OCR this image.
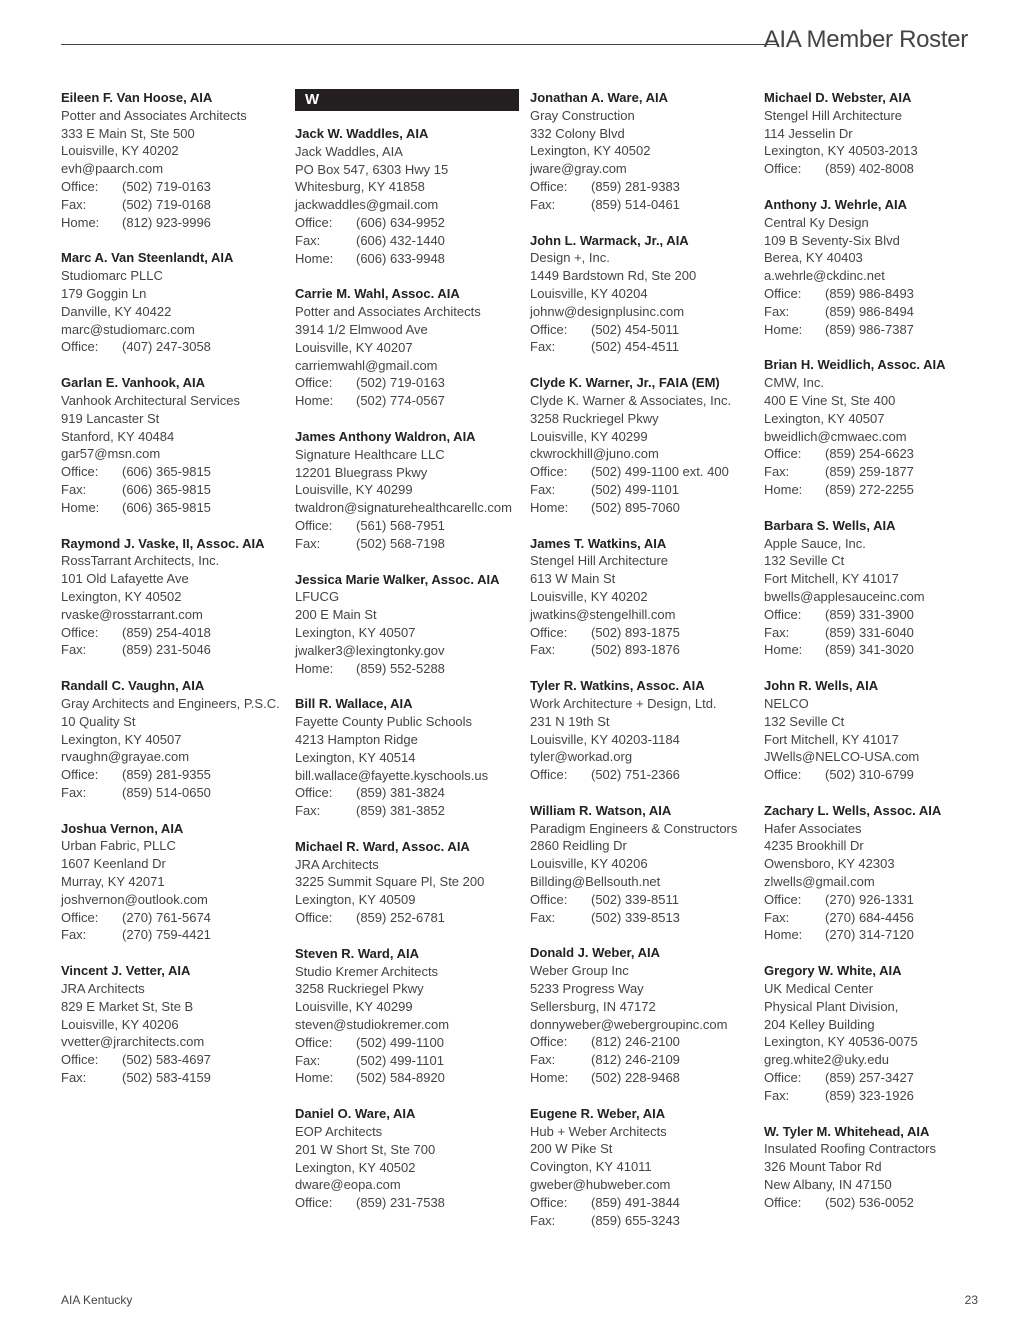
AIA Member Roster
Eileen F. Van Hoose, AIA
Potter and Associates Architects
333 E Main St, Ste 500
Louisville, KY 40202
evh@paarch.com
Office: (502) 719-0163
Fax:	(502) 719-0168
Home: (812) 923-9996
Marc A. Van Steenlandt, AIA
Studiomarc PLLC
179 Goggin Ln
Danville, KY 40422
marc@studiomarc.com
Office: (407) 247-3058
Garlan E. Vanhook, AIA
Vanhook Architectural Services
919 Lancaster St
Stanford, KY 40484
gar57@msn.com
Office: (606) 365-9815
Fax:	(606) 365-9815
Home: (606) 365-9815
Raymond J. Vaske, II, Assoc. AIA
RossTarrant Architects, Inc.
101 Old Lafayette Ave
Lexington, KY 40502
rvaske@rosstarrant.com
Office: (859) 254-4018
Fax:	(859) 231-5046
Randall C. Vaughn, AIA
Gray Architects and Engineers, P.S.C.
10 Quality St
Lexington, KY 40507
rvaughn@grayae.com
Office: (859) 281-9355
Fax:	(859) 514-0650
Joshua Vernon, AIA
Urban Fabric, PLLC
1607 Keenland Dr
Murray, KY 42071
joshvernon@outlook.com
Office: (270) 761-5674
Fax:	(270) 759-4421
Vincent J. Vetter, AIA
JRA Architects
829 E Market St, Ste B
Louisville, KY 40206
vvetter@jrarchitects.com
Office: (502) 583-4697
Fax:	(502) 583-4159
W
Jack W. Waddles, AIA
Jack Waddles, AIA
PO Box 547, 6303 Hwy 15
Whitesburg, KY 41858
jackwaddles@gmail.com
Office: (606) 634-9952
Fax:	(606) 432-1440
Home: (606) 633-9948
Carrie M. Wahl, Assoc. AIA
Potter and Associates Architects
3914 1/2 Elmwood Ave
Louisville, KY 40207
carriemwahl@gmail.com
Office: (502) 719-0163
Home: (502) 774-0567
James Anthony Waldron, AIA
Signature Healthcare LLC
12201 Bluegrass Pkwy
Louisville, KY 40299
twaldron@signaturehealthcarellc.com
Office: (561) 568-7951
Fax:	(502) 568-7198
Jessica Marie Walker, Assoc. AIA
LFUCG
200 E Main St
Lexington, KY 40507
jwalker3@lexingtonky.gov
Home: (859) 552-5288
Bill R. Wallace, AIA
Fayette County Public Schools
4213 Hampton Ridge
Lexington, KY 40514
bill.wallace@fayette.kyschools.us
Office: (859) 381-3824
Fax:	(859) 381-3852
Michael R. Ward, Assoc. AIA
JRA Architects
3225 Summit Square Pl, Ste 200
Lexington, KY 40509
Office: (859) 252-6781
Steven R. Ward, AIA
Studio Kremer Architects
3258 Ruckriegel Pkwy
Louisville, KY 40299
steven@studiokremer.com
Office: (502) 499-1100
Fax:	(502) 499-1101
Home: (502) 584-8920
Daniel O. Ware, AIA
EOP Architects
201 W Short St, Ste 700
Lexington, KY 40502
dware@eopa.com
Office: (859) 231-7538
Jonathan A. Ware, AIA
Gray Construction
332 Colony Blvd
Lexington, KY 40502
jware@gray.com
Office: (859) 281-9383
Fax:	(859) 514-0461
John L. Warmack, Jr., AIA
Design +, Inc.
1449 Bardstown Rd, Ste 200
Louisville, KY 40204
johnw@designplusinc.com
Office: (502) 454-5011
Fax:	(502) 454-4511
Clyde K. Warner, Jr., FAIA (EM)
Clyde K. Warner & Associates, Inc.
3258 Ruckriegel Pkwy
Louisville, KY 40299
ckwrockhill@juno.com
Office: (502) 499-1100 ext. 400
Fax:	(502) 499-1101
Home: (502) 895-7060
James T. Watkins, AIA
Stengel Hill Architecture
613 W Main St
Louisville, KY 40202
jwatkins@stengelhill.com
Office: (502) 893-1875
Fax:	(502) 893-1876
Tyler R. Watkins, Assoc. AIA
Work Architecture + Design, Ltd.
231 N 19th St
Louisville, KY 40203-1184
tyler@workad.org
Office: (502) 751-2366
William R. Watson, AIA
Paradigm Engineers & Constructors
2860 Reidling Dr
Louisville, KY 40206
Billding@Bellsouth.net
Office: (502) 339-8511
Fax:	(502) 339-8513
Donald J. Weber, AIA
Weber Group Inc
5233 Progress Way
Sellersburg, IN 47172
donnyweber@webergroupinc.com
Office: (812) 246-2100
Fax:	(812) 246-2109
Home: (502) 228-9468
Eugene R. Weber, AIA
Hub + Weber Architects
200 W Pike St
Covington, KY 41011
gweber@hubweber.com
Office: (859) 491-3844
Fax:	(859) 655-3243
Michael D. Webster, AIA
Stengel Hill Architecture
114 Jesselin Dr
Lexington, KY 40503-2013
Office: (859) 402-8008
Anthony J. Wehrle, AIA
Central Ky Design
109 B Seventy-Six Blvd
Berea, KY 40403
a.wehrle@ckdinc.net
Office: (859) 986-8493
Fax:	(859) 986-8494
Home: (859) 986-7387
Brian H. Weidlich, Assoc. AIA
CMW, Inc.
400 E Vine St, Ste 400
Lexington, KY 40507
bweidlich@cmwaec.com
Office: (859) 254-6623
Fax:	(859) 259-1877
Home: (859) 272-2255
Barbara S. Wells, AIA
Apple Sauce, Inc.
132 Seville Ct
Fort Mitchell, KY 41017
bwells@applesauceinc.com
Office: (859) 331-3900
Fax:	(859) 331-6040
Home: (859) 341-3020
John R. Wells, AIA
NELCO
132 Seville Ct
Fort Mitchell, KY 41017
JWells@NELCO-USA.com
Office: (502) 310-6799
Zachary L. Wells, Assoc. AIA
Hafer Associates
4235 Brookhill Dr
Owensboro, KY 42303
zlwells@gmail.com
Office: (270) 926-1331
Fax:	(270) 684-4456
Home: (270) 314-7120
Gregory W. White, AIA
UK Medical Center
Physical Plant Division,
204 Kelley Building
Lexington, KY 40536-0075
greg.white2@uky.edu
Office: (859) 257-3427
Fax:	(859) 323-1926
W. Tyler M. Whitehead, AIA
Insulated Roofing Contractors
326 Mount Tabor Rd
New Albany, IN 47150
Office: (502) 536-0052
AIA Kentucky	23
